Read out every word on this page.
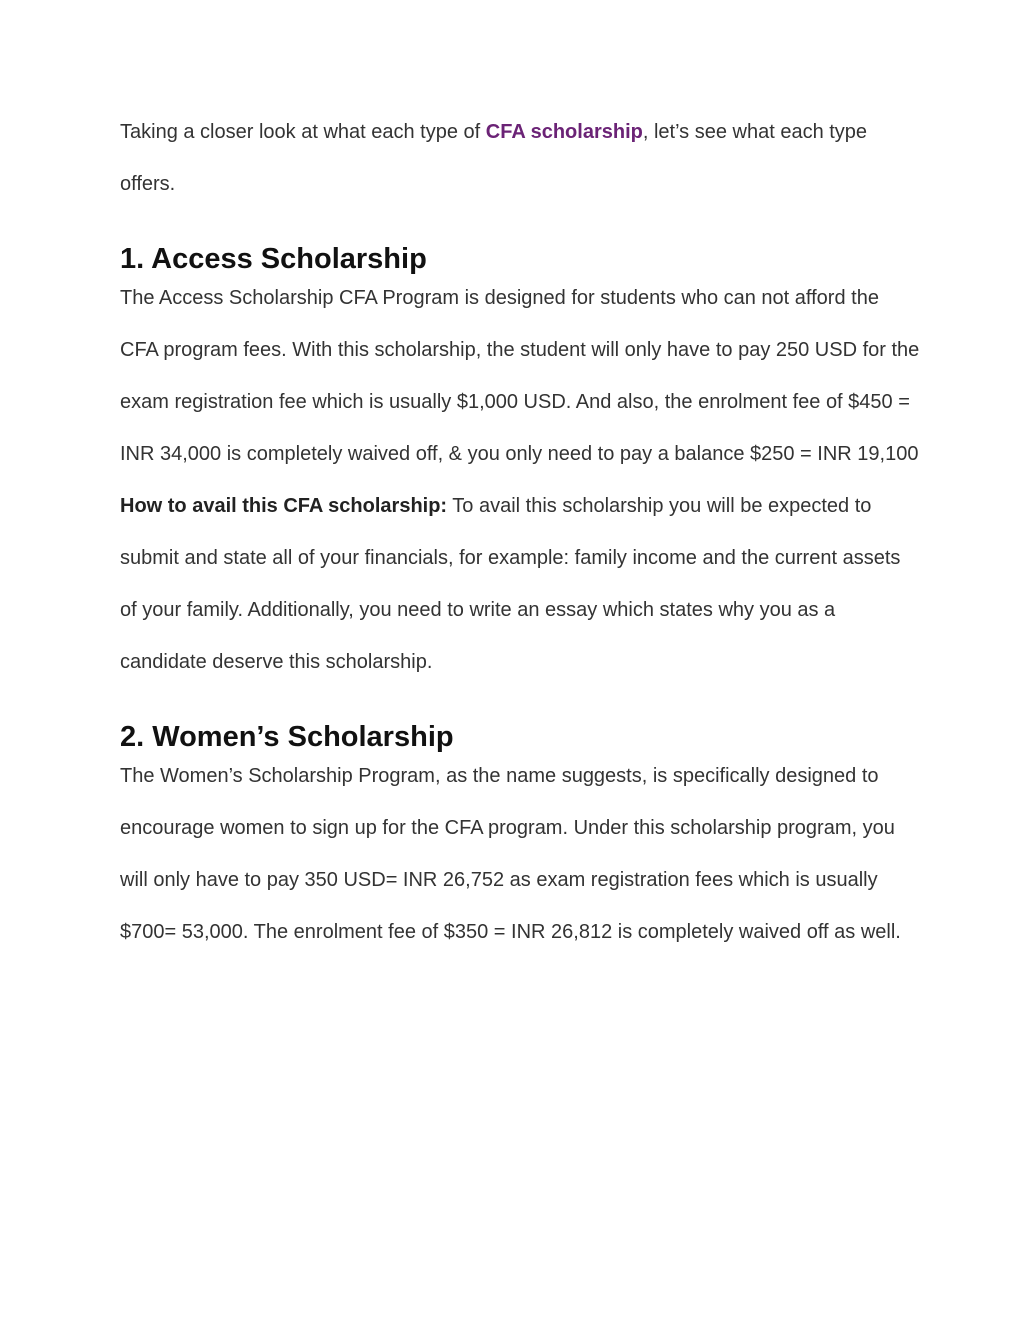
Taking a closer look at what each type of CFA scholarship, let’s see what each type offers.

1. Access Scholarship

The Access Scholarship CFA Program is designed for students who can not afford the CFA program fees. With this scholarship, the student will only have to pay 250 USD for the exam registration fee which is usually $1,000 USD. And also, the enrolment fee of $450 = INR 34,000 is completely waived off, & you only need to pay a balance $250 = INR 19,100

How to avail this CFA scholarship: To avail this scholarship you will be expected to submit and state all of your financials, for example: family income and the current assets of your family. Additionally, you need to write an essay which states why you as a candidate deserve this scholarship.

2. Women’s Scholarship

The Women’s Scholarship Program, as the name suggests, is specifically designed to encourage women to sign up for the CFA program. Under this scholarship program, you will only have to pay 350 USD= INR 26,752 as exam registration fees which is usually $700= 53,000. The enrolment fee of $350 = INR 26,812 is completely waived off as well.
